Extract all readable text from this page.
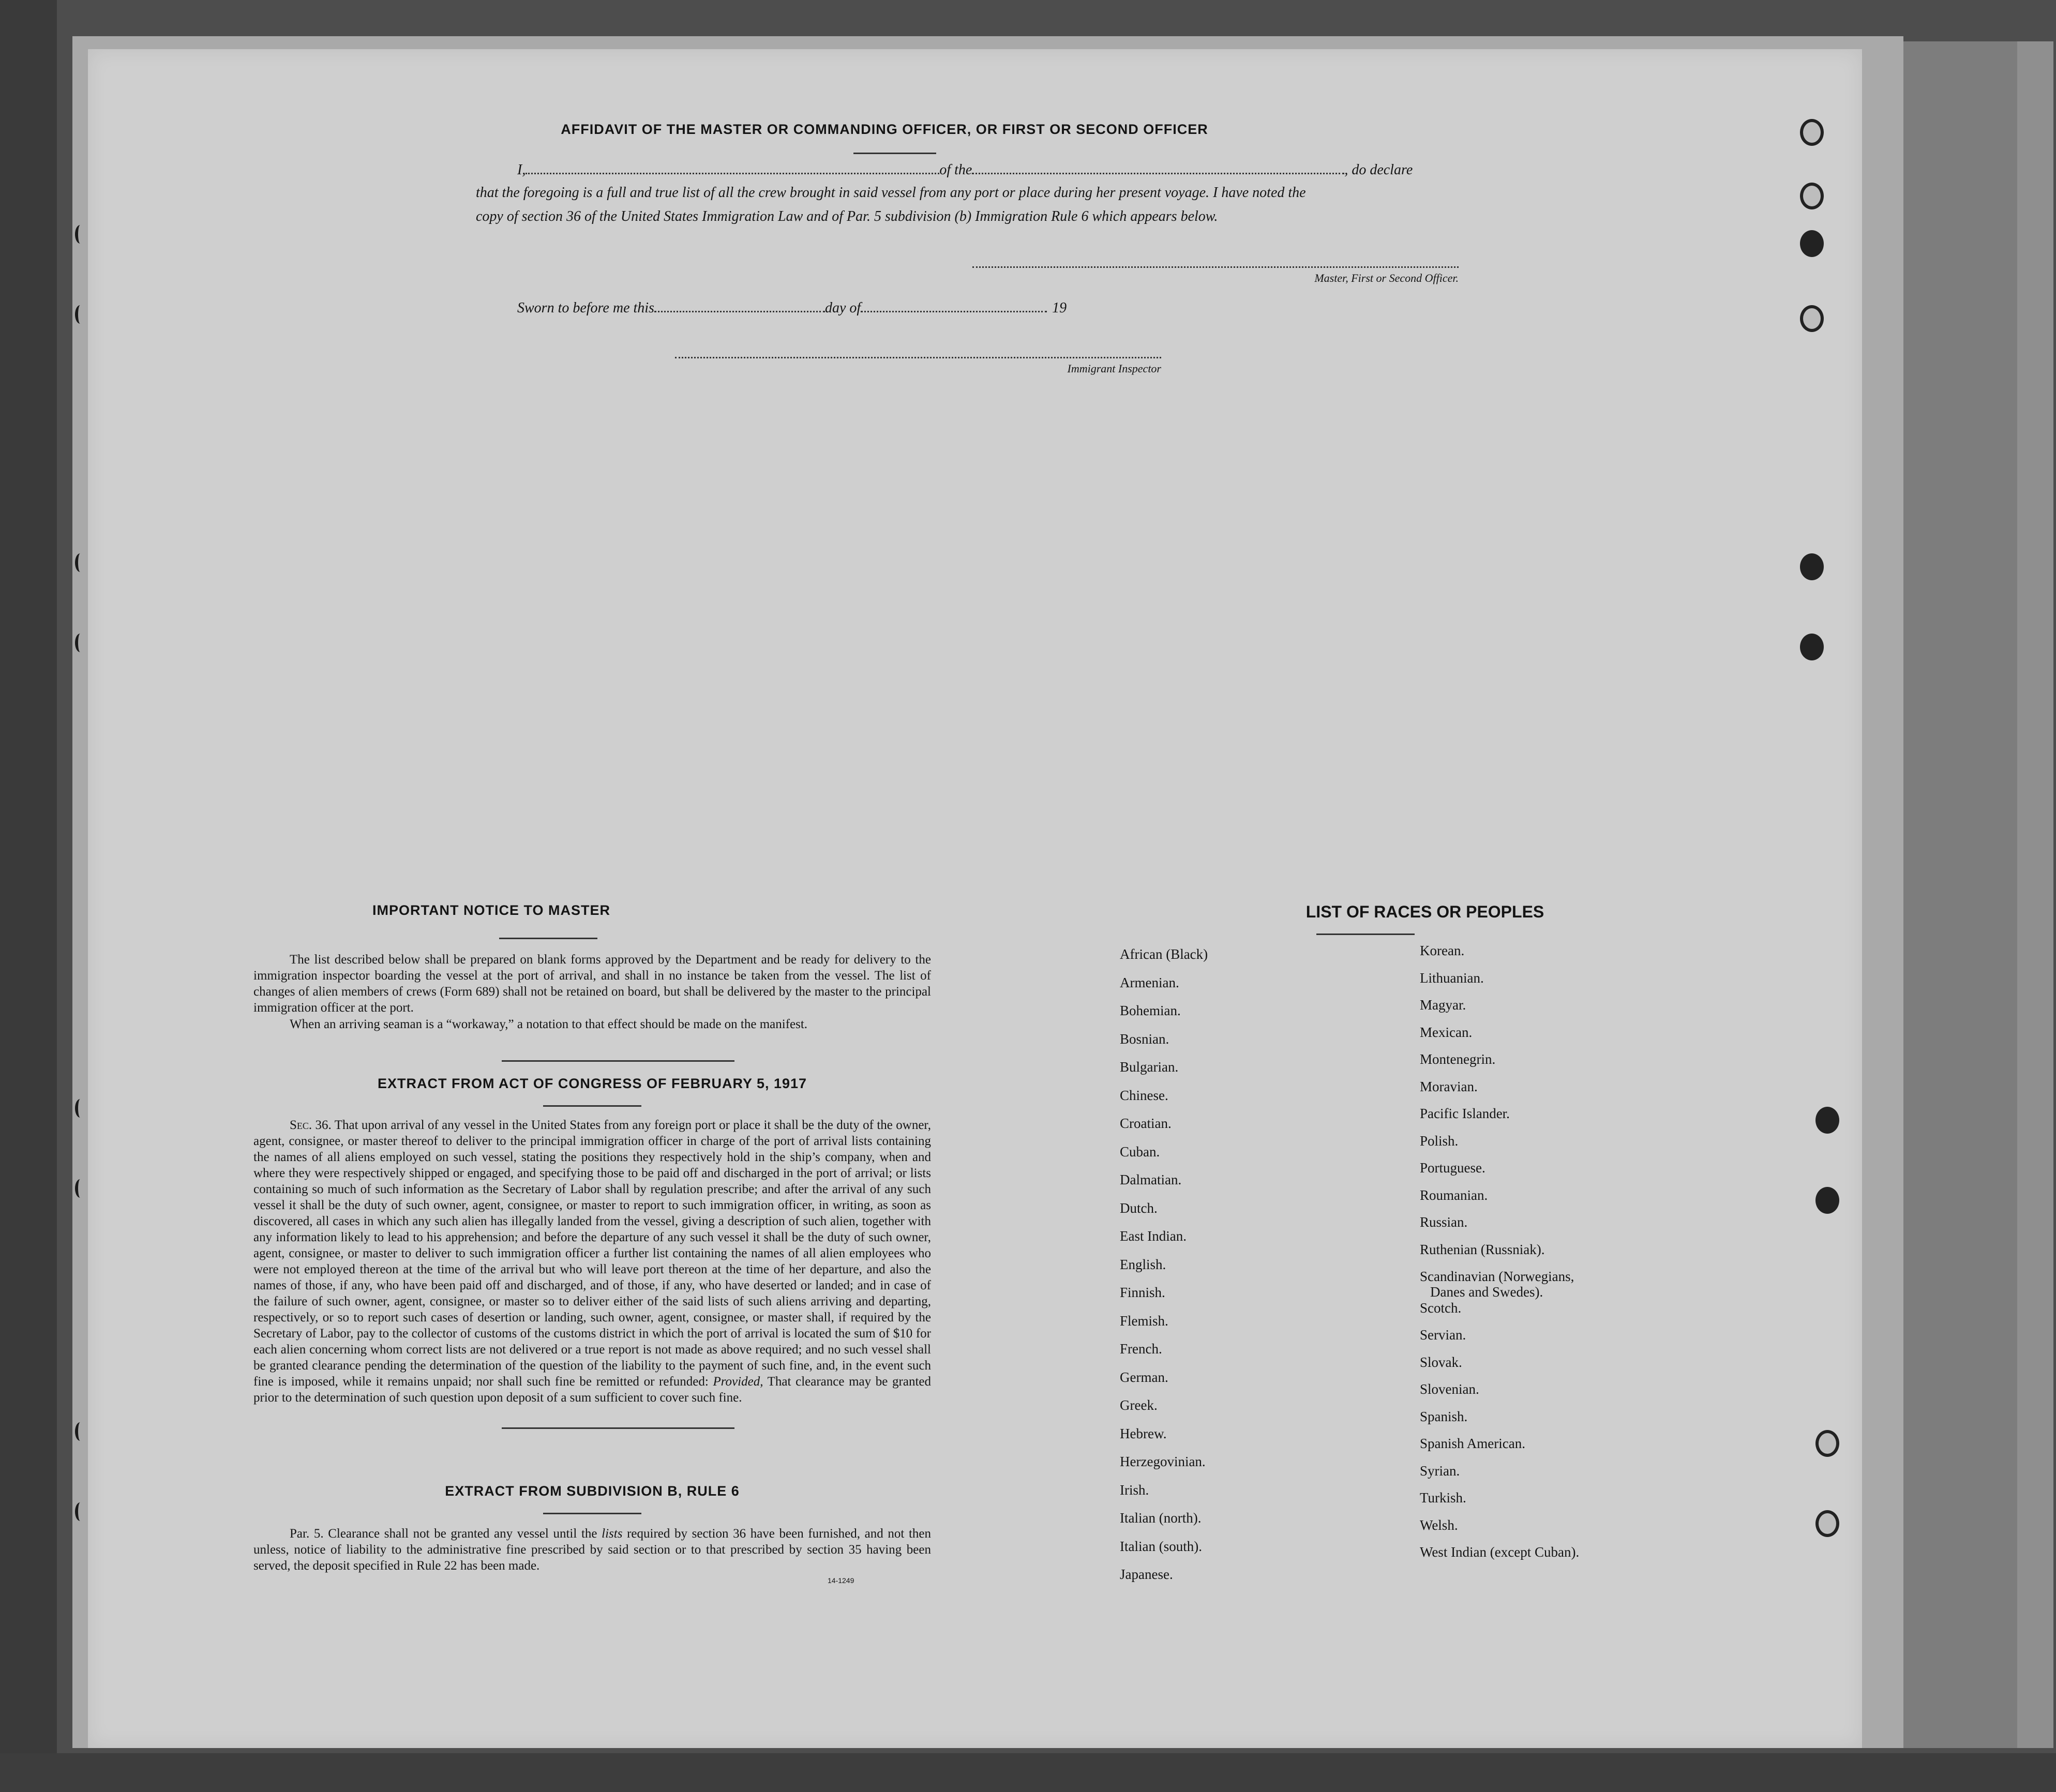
AFFIDAVIT OF THE MASTER OR COMMANDING OFFICER, OR FIRST OR SECOND OFFICER
I,	of the	, do declare
that the foregoing is a full and true list of all the crew brought in said vessel from any port or place during her present voyage. I have noted the
copy of section 36 of the United States Immigration Law and of Par. 5 subdivision (b) Immigration Rule 6 which appears below.
Master, First or Second Officer.
Sworn to before me this	day of	19
Immigrant Inspector
IMPORTANT NOTICE TO MASTER
The list described below shall be prepared on blank forms approved by the Department and be ready for delivery to the immigration inspector boarding the vessel at the port of arrival, and shall in no instance be taken from the vessel. The list of changes of alien members of crews (Form 689) shall not be retained on board, but shall be delivered by the master to the principal immigration officer at the port.
When an arriving seaman is a “workaway,” a notation to that effect should be made on the manifest.
EXTRACT FROM ACT OF CONGRESS OF FEBRUARY 5, 1917
Sec. 36. That upon arrival of any vessel in the United States from any foreign port or place it shall be the duty of the owner, agent, consignee, or master thereof to deliver to the principal immigration officer in charge of the port of arrival lists containing the names of all aliens employed on such vessel, stating the positions they respectively hold in the ship’s company, when and where they were respectively shipped or engaged, and specifying those to be paid off and discharged in the port of arrival; or lists containing so much of such information as the Secretary of Labor shall by regulation prescribe; and after the arrival of any such vessel it shall be the duty of such owner, agent, consignee, or master to report to such immigration officer, in writing, as soon as discovered, all cases in which any such alien has illegally landed from the vessel, giving a description of such alien, together with any information likely to lead to his apprehension; and before the departure of any such vessel it shall be the duty of such owner, agent, consignee, or master to deliver to such immigration officer a further list containing the names of all alien employees who were not employed thereon at the time of the arrival but who will leave port thereon at the time of her departure, and also the names of those, if any, who have been paid off and discharged, and of those, if any, who have deserted or landed; and in case of the failure of such owner, agent, consignee, or master so to deliver either of the said lists of such aliens arriving and departing, respectively, or so to report such cases of desertion or landing, such owner, agent, consignee, or master shall, if required by the Secretary of Labor, pay to the collector of customs of the customs district in which the port of arrival is located the sum of $10 for each alien concerning whom correct lists are not delivered or a true report is not made as above required; and no such vessel shall be granted clearance pending the determination of the question of the liability to the payment of such fine, and, in the event such fine is imposed, while it remains unpaid; nor shall such fine be remitted or refunded: Provided, That clearance may be granted prior to the determination of such question upon deposit of a sum sufficient to cover such fine.
EXTRACT FROM SUBDIVISION B, RULE 6
Par. 5. Clearance shall not be granted any vessel until the lists required by section 36 have been furnished, and not then unless, notice of liability to the administrative fine prescribed by said section or to that prescribed by section 35 having been served, the deposit specified in Rule 22 has been made.
14-1249
LIST OF RACES OR PEOPLES
African (Black)
Armenian.
Bohemian.
Bosnian.
Bulgarian.
Chinese.
Croatian.
Cuban.
Dalmatian.
Dutch.
East Indian.
English.
Finnish.
Flemish.
French.
German.
Greek.
Hebrew.
Herzegovinian.
Irish.
Italian (north).
Italian (south).
Japanese.
Korean.
Lithuanian.
Magyar.
Mexican.
Montenegrin.
Moravian.
Pacific Islander.
Polish.
Portuguese.
Roumanian.
Russian.
Ruthenian (Russniak).
Scandinavian (Norwegians,
Danes and Swedes).
Scotch.
Servian.
Slovak.
Slovenian.
Spanish.
Spanish American.
Syrian.
Turkish.
Welsh.
West Indian (except Cuban).
